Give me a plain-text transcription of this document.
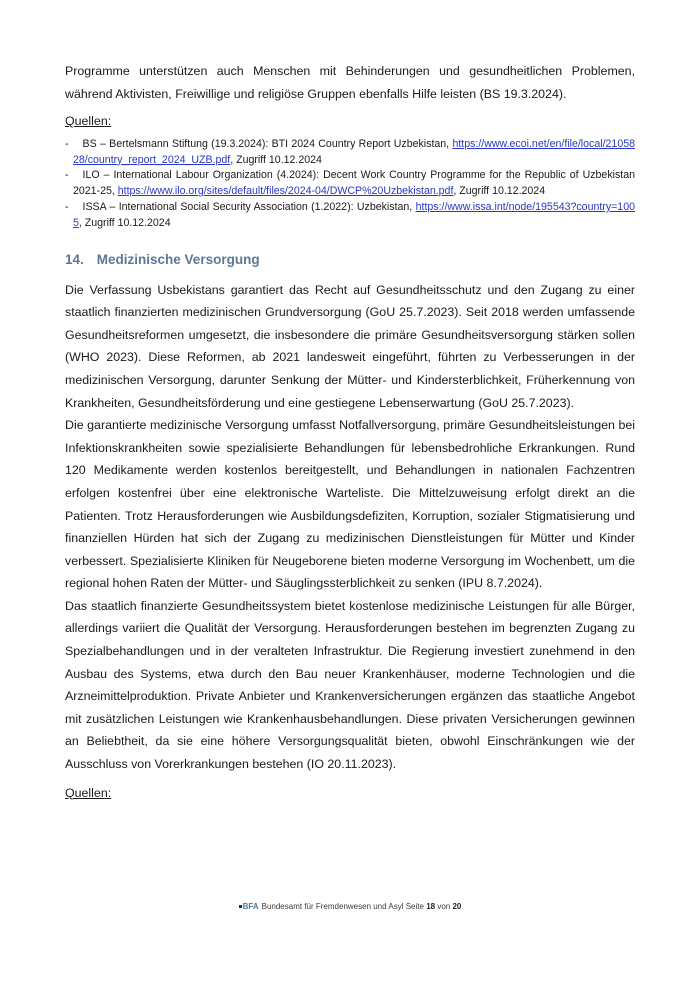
Programme unterstützen auch Menschen mit Behinderungen und gesundheitlichen Problemen, während Aktivisten, Freiwillige und religiöse Gruppen ebenfalls Hilfe leisten (BS 19.3.2024).

Quellen:

- BS – Bertelsmann Stiftung (19.3.2024): BTI 2024 Country Report Uzbekistan, https://www.ecoi.net/en/file/local/2105828/country_report_2024_UZB.pdf, Zugriff 10.12.2024
- ILO – International Labour Organization (4.2024): Decent Work Country Programme for the Republic of Uzbekistan 2021-25, https://www.ilo.org/sites/default/files/2024-04/DWCP%20Uzbekistan.pdf, Zugriff 10.12.2024
- ISSA – International Social Security Association (1.2022): Uzbekistan, https://www.issa.int/node/195543?country=1005, Zugriff 10.12.2024
14. Medizinische Versorgung

Die Verfassung Usbekistans garantiert das Recht auf Gesundheitsschutz und den Zugang zu einer staatlich finanzierten medizinischen Grundversorgung (GoU 25.7.2023). Seit 2018 werden umfassende Gesundheitsreformen umgesetzt, die insbesondere die primäre Gesundheitsversorgung stärken sollen (WHO 2023). Diese Reformen, ab 2021 landesweit eingeführt, führten zu Verbesserungen in der medizinischen Versorgung, darunter Senkung der Mütter- und Kindersterblichkeit, Früherkennung von Krankheiten, Gesundheitsförderung und eine gestiegene Lebenserwartung (GoU 25.7.2023).

Die garantierte medizinische Versorgung umfasst Notfallversorgung, primäre Gesundheitsleistungen bei Infektionskrankheiten sowie spezialisierte Behandlungen für lebensbedrohliche Erkrankungen. Rund 120 Medikamente werden kostenlos bereitgestellt, und Behandlungen in nationalen Fachzentren erfolgen kostenfrei über eine elektronische Warteliste. Die Mittelzuweisung erfolgt direkt an die Patienten. Trotz Herausforderungen wie Ausbildungsdefiziten, Korruption, sozialer Stigmatisierung und finanziellen Hürden hat sich der Zugang zu medizinischen Dienstleistungen für Mütter und Kinder verbessert. Spezialisierte Kliniken für Neugeborene bieten moderne Versorgung im Wochenbett, um die regional hohen Raten der Mütter- und Säuglingssterblichkeit zu senken (IPU 8.7.2024).

Das staatlich finanzierte Gesundheitssystem bietet kostenlose medizinische Leistungen für alle Bürger, allerdings variiert die Qualität der Versorgung. Herausforderungen bestehen im begrenzten Zugang zu Spezialbehandlungen und in der veralteten Infrastruktur. Die Regierung investiert zunehmend in den Ausbau des Systems, etwa durch den Bau neuer Krankenhäuser, moderne Technologien und die Arzneimittelproduktion. Private Anbieter und Krankenversicherungen ergänzen das staatliche Angebot mit zusätzlichen Leistungen wie Krankenhausbehandlungen. Diese privaten Versicherungen gewinnen an Beliebtheit, da sie eine höhere Versorgungsqualität bieten, obwohl Einschränkungen wie der Ausschluss von Vorerkrankungen bestehen (IO 20.11.2023).

Quellen:

BFA Bundesamt für Fremdenwesen und Asyl Seite 18 von 20
